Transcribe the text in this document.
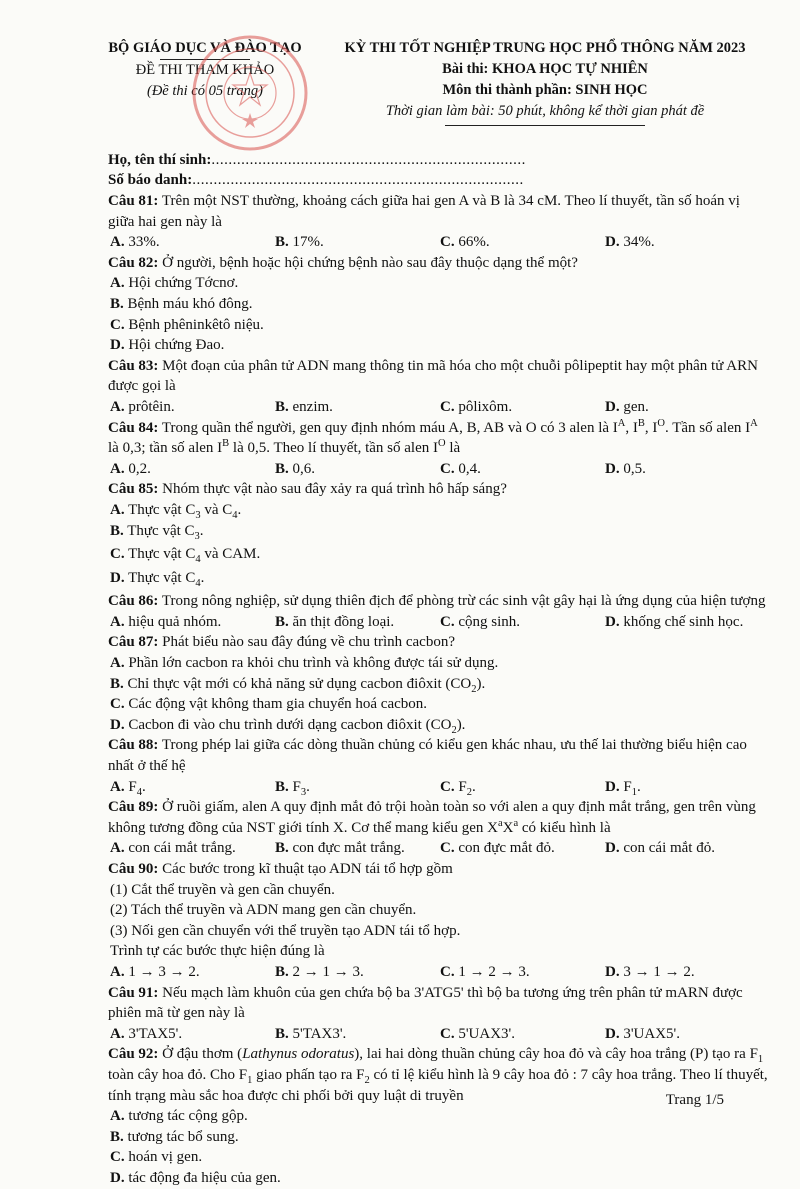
BỘ GIÁO DỤC VÀ ĐÀO TẠO
ĐỀ THI THAM KHẢO
(Đề thi có 05 trang)
KỲ THI TỐT NGHIỆP TRUNG HỌC PHỔ THÔNG NĂM 2023
Bài thi: KHOA HỌC TỰ NHIÊN
Môn thi thành phần: SINH HỌC
Thời gian làm bài: 50 phút, không kể thời gian phát đề
Họ, tên thí sinh:..........................................................................
Số báo danh:..............................................................................
Câu 81: Trên một NST thường, khoảng cách giữa hai gen A và B là 34 cM. Theo lí thuyết, tần số hoán vị giữa hai gen này là
A. 33%.	B. 17%.	C. 66%.	D. 34%.
Câu 82: Ở người, bệnh hoặc hội chứng bệnh nào sau đây thuộc dạng thể một?
A. Hội chứng Tớcnơ.
B. Bệnh máu khó đông.
C. Bệnh phêninkêtô niệu.
D. Hội chứng Đao.
Câu 83: Một đoạn của phân tử ADN mang thông tin mã hóa cho một chuỗi pôlipeptit hay một phân tử ARN được gọi là
A. prôtêin.	B. enzim.	C. pôlixôm.	D. gen.
Câu 84: Trong quần thể người, gen quy định nhóm máu A, B, AB và O có 3 alen là $I^A$, $I^B$, $I^O$. Tần số alen $I^A$ là 0,3; tần số alen $I^B$ là 0,5. Theo lí thuyết, tần số alen $I^O$ là
A. 0,2.	B. 0,6.	C. 0,4.	D. 0,5.
Câu 85: Nhóm thực vật nào sau đây xảy ra quá trình hô hấp sáng?
A. Thực vật $C_3$ và $C_4$.
B. Thực vật $C_3$.
C. Thực vật $C_4$ và CAM.
D. Thực vật $C_4$.
Câu 86: Trong nông nghiệp, sử dụng thiên địch để phòng trừ các sinh vật gây hại là ứng dụng của hiện tượng
A. hiệu quả nhóm.	B. ăn thịt đồng loại.	C. cộng sinh.	D. khống chế sinh học.
Câu 87: Phát biểu nào sau đây đúng về chu trình cacbon?
A. Phần lớn cacbon ra khỏi chu trình và không được tái sử dụng.
B. Chỉ thực vật mới có khả năng sử dụng cacbon điôxit $(CO_2)$.
C. Các động vật không tham gia chuyển hoá cacbon.
D. Cacbon đi vào chu trình dưới dạng cacbon điôxit $(CO_2)$.
Câu 88: Trong phép lai giữa các dòng thuần chủng có kiểu gen khác nhau, ưu thế lai thường biểu hiện cao nhất ở thế hệ
A. $F_4$.	B. $F_3$.	C. $F_2$.	D. $F_1$.
Câu 89: Ở ruồi giấm, alen A quy định mắt đỏ trội hoàn toàn so với alen a quy định mắt trắng, gen trên vùng không tương đồng của NST giới tính X. Cơ thể mang kiểu gen $X^aX^a$ có kiểu hình là
A. con cái mắt trắng.	B. con đực mắt trắng.	C. con đực mắt đỏ.	D. con cái mắt đỏ.
Câu 90: Các bước trong kĩ thuật tạo ADN tái tổ hợp gồm
(1) Cắt thể truyền và gen cần chuyển.
(2) Tách thể truyền và ADN mang gen cần chuyển.
(3) Nối gen cần chuyển với thể truyền tạo ADN tái tổ hợp.
Trình tự các bước thực hiện đúng là
A. 1 → 3 → 2.	B. 2 → 1 → 3.	C. 1 → 2 → 3.	D. 3 → 1 → 2.
Câu 91: Nếu mạch làm khuôn của gen chứa bộ ba 3'ATG5' thì bộ ba tương ứng trên phân tử mARN được phiên mã từ gen này là
A. 3'TAX5'.	B. 5'TAX3'.	C. 5'UAX3'.	D. 3'UAX5'.
Câu 92: Ở đậu thơm (Lathynus odoratus), lai hai dòng thuần chủng cây hoa đỏ và cây hoa trắng (P) tạo ra $F_1$ toàn cây hoa đỏ. Cho $F_1$ giao phấn tạo ra $F_2$ có tỉ lệ kiểu hình là 9 cây hoa đỏ : 7 cây hoa trắng. Theo lí thuyết, tính trạng màu sắc hoa được chi phối bởi quy luật di truyền
A. tương tác cộng gộp.
B. tương tác bổ sung.
C. hoán vị gen.
D. tác động đa hiệu của gen.
Trang 1/5
